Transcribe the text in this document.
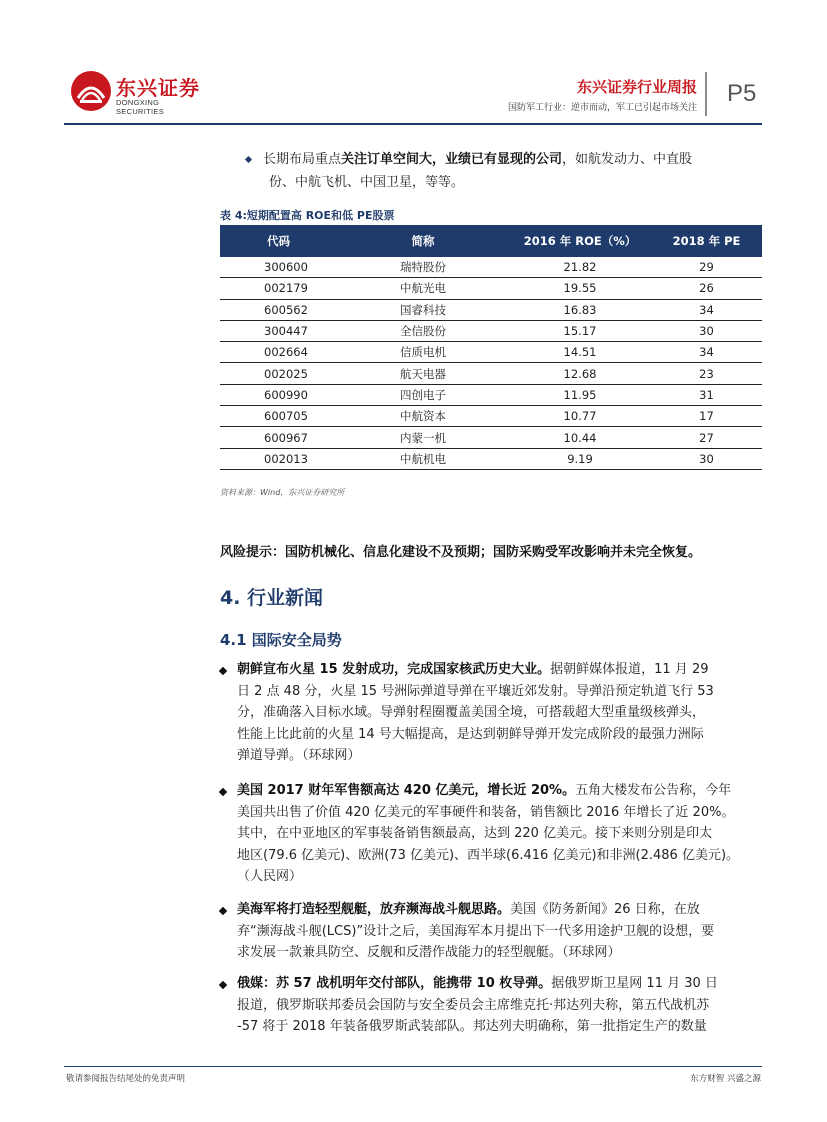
东兴证券
DONGXING SECURITIES
东兴证券行业周报
国防军工行业：逆市而动，军工已引起市场关注
P5
长期布局重点关注订单空间大，业绩已有显现的公司，如航发动力、中直股
份、中航飞机、中国卫星，等等。
表 4:短期配置高 ROE和低 PE股票
代码	简称	2016 年 ROE（%）	2018 年 PE
300600	瑞特股份	21.82	29
002179	中航光电	19.55	26
600562	国睿科技	16.83	34
300447	全信股份	15.17	30
002664	信质电机	14.51	34
002025	航天电器	12.68	23
600990	四创电子	11.95	31
600705	中航资本	10.77	17
600967	内蒙一机	10.44	27
002013	中航机电	9.19	30
资料来源：Wind，东兴证券研究所
风险提示：国防机械化、信息化建设不及预期；国防采购受军改影响并未完全恢复。
4. 行业新闻
4.1 国际安全局势
朝鲜宣布火星 15 发射成功，完成国家核武历史大业。据朝鲜媒体报道，11 月 29
日 2 点 48 分，火星 15 号洲际弹道导弹在平壤近郊发射。导弹沿预定轨道飞行 53
分，准确落入目标水域。导弹射程圈覆盖美国全境，可搭载超大型重量级核弹头，
性能上比此前的火星 14 号大幅提高，是达到朝鲜导弹开发完成阶段的最强力洲际
弹道导弹。（环球网）
美国 2017 财年军售额高达 420 亿美元，增长近 20%。五角大楼发布公告称，今年
美国共出售了价值 420 亿美元的军事硬件和装备，销售额比 2016 年增长了近 20%。
其中，在中亚地区的军事装备销售额最高，达到 220 亿美元。接下来则分别是印太
地区(79.6 亿美元)、欧洲(73 亿美元)、西半球(6.416 亿美元)和非洲(2.486 亿美元)。
（人民网）
美海军将打造轻型舰艇，放弃濒海战斗舰思路。美国《防务新闻》26 日称，在放
弃“濒海战斗舰(LCS)”设计之后，美国海军本月提出下一代多用途护卫舰的设想，要
求发展一款兼具防空、反舰和反潜作战能力的轻型舰艇。（环球网）
俄媒：苏 57 战机明年交付部队，能携带 10 枚导弹。据俄罗斯卫星网 11 月 30 日
报道，俄罗斯联邦委员会国防与安全委员会主席维克托·邦达列夫称，第五代战机苏
-57 将于 2018 年装备俄罗斯武装部队。邦达列夫明确称，第一批指定生产的数量
敬请参阅报告结尾处的免责声明	东方财智 兴盛之源
